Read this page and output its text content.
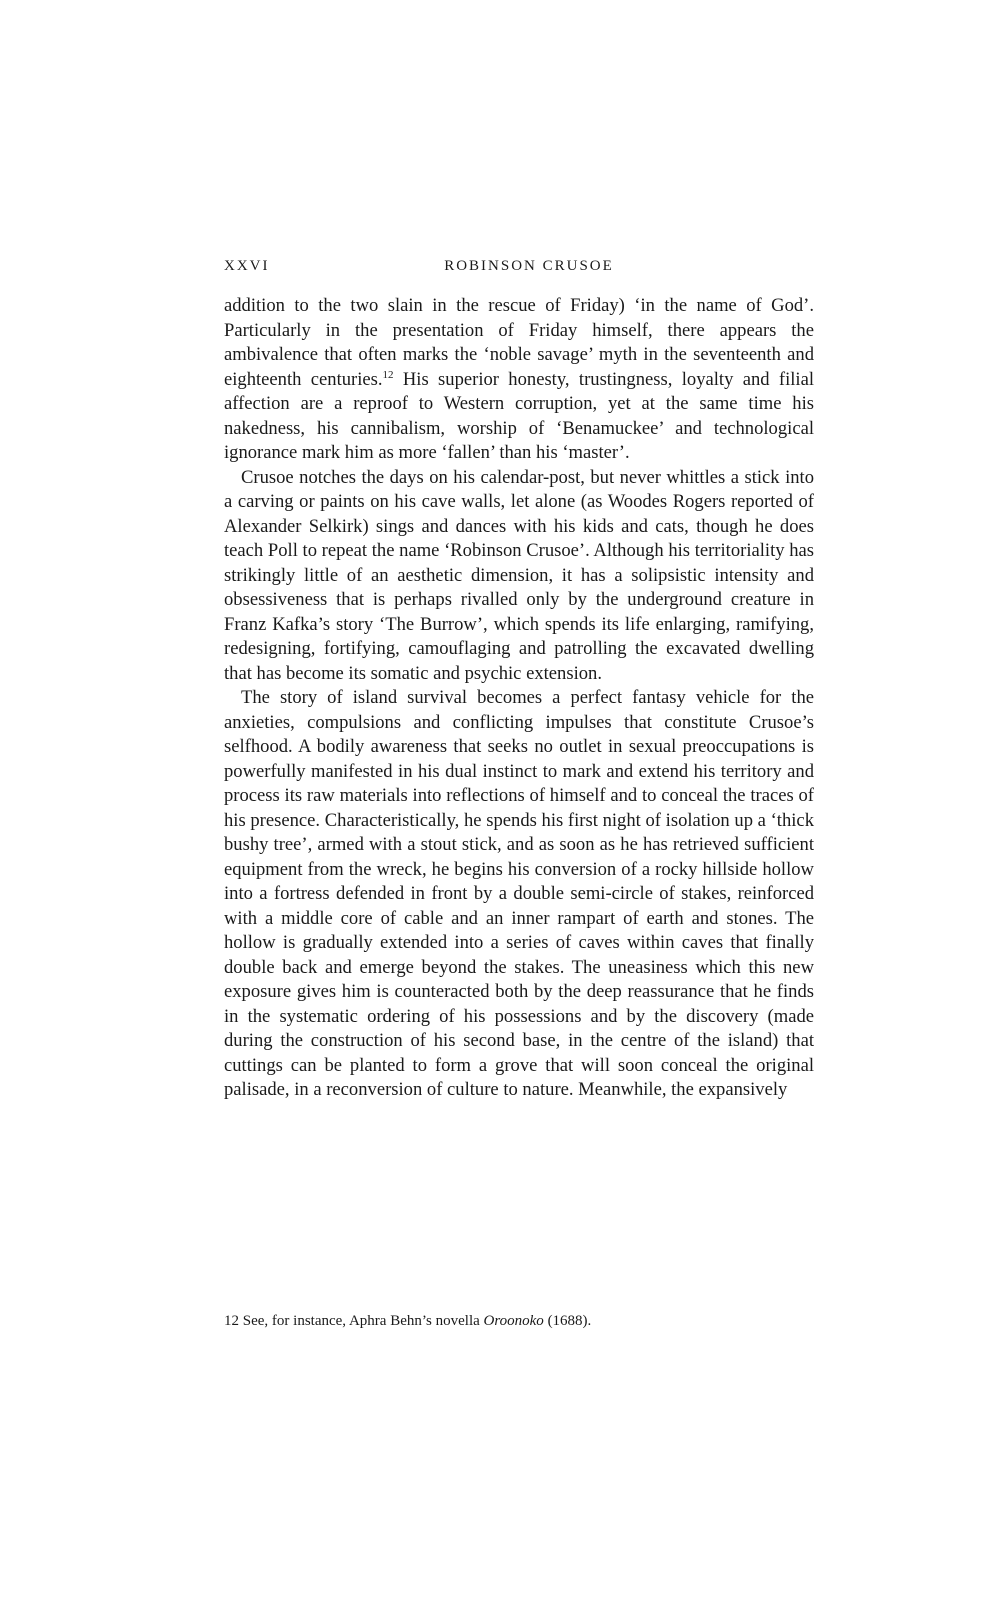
XXVI	ROBINSON CRUSOE

addition to the two slain in the rescue of Friday) ‘in the name of God’. Particularly in the presentation of Friday himself, there appears the ambivalence that often marks the ‘noble savage’ myth in the seventeenth and eighteenth centuries.$^{12}$ His superior honesty, trustingness, loyalty and filial affection are a reproof to Western corruption, yet at the same time his nakedness, his cannibalism, worship of ‘Benamuckee’ and technological ignorance mark him as more ‘fallen’ than his ‘master’.

Crusoe notches the days on his calendar-post, but never whittles a stick into a carving or paints on his cave walls, let alone (as Woodes Rogers reported of Alexander Selkirk) sings and dances with his kids and cats, though he does teach Poll to repeat the name ‘Robinson Crusoe’. Although his territoriality has strikingly little of an aesthetic dimension, it has a solipsistic intensity and obsessiveness that is perhaps rivalled only by the underground creature in Franz Kafka’s story ‘The Burrow’, which spends its life enlarging, ramifying, redesigning, fortifying, camouflaging and patrolling the excavated dwelling that has become its somatic and psychic extension.

The story of island survival becomes a perfect fantasy vehicle for the anxieties, compulsions and conflicting impulses that constitute Crusoe’s selfhood. A bodily awareness that seeks no outlet in sexual preoccupations is powerfully manifested in his dual instinct to mark and extend his territory and process its raw materials into reflections of himself and to conceal the traces of his presence. Characteristically, he spends his first night of isolation up a ‘thick bushy tree’, armed with a stout stick, and as soon as he has retrieved sufficient equipment from the wreck, he begins his conversion of a rocky hillside hollow into a fortress defended in front by a double semi-circle of stakes, reinforced with a middle core of cable and an inner rampart of earth and stones. The hollow is gradually extended into a series of caves within caves that finally double back and emerge beyond the stakes. The uneasiness which this new exposure gives him is counteracted both by the deep reassurance that he finds in the systematic ordering of his possessions and by the discovery (made during the construction of his second base, in the centre of the island) that cuttings can be planted to form a grove that will soon conceal the original palisade, in a reconversion of culture to nature. Meanwhile, the expansively

12 See, for instance, Aphra Behn’s novella Oroonoko (1688).
